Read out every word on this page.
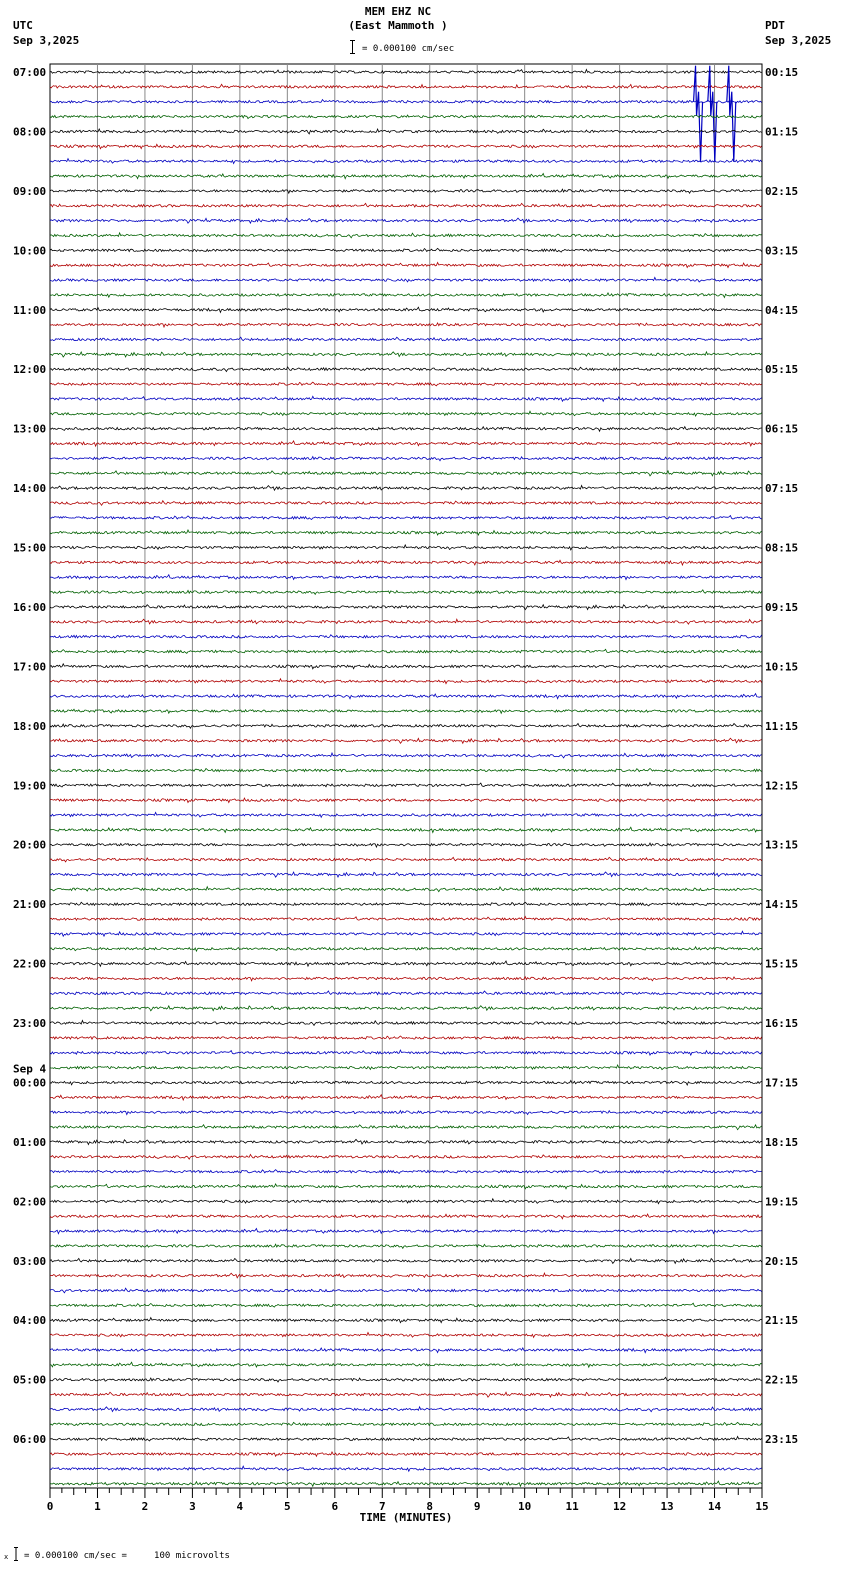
MEM EHZ NC
(East Mammoth )
= 0.000100 cm/sec
UTC
Sep 3,2025
PDT
Sep 3,2025
07:00
08:00
09:00
10:00
11:00
12:00
13:00
14:00
15:00
16:00
17:00
18:00
19:00
20:00
21:00
22:00
23:00
00:00
Sep 4
01:00
02:00
03:00
04:00
05:00
06:00
00:15
01:15
02:15
03:15
04:15
05:15
06:15
07:15
08:15
09:15
10:15
11:15
12:15
13:15
14:15
15:15
16:15
17:15
18:15
19:15
20:15
21:15
22:15
23:15
0	1	2	3	4	5	6	7	8	9	10	11	12	13	14	15
TIME (MINUTES)
x = 0.000100 cm/sec =     100 microvolts
